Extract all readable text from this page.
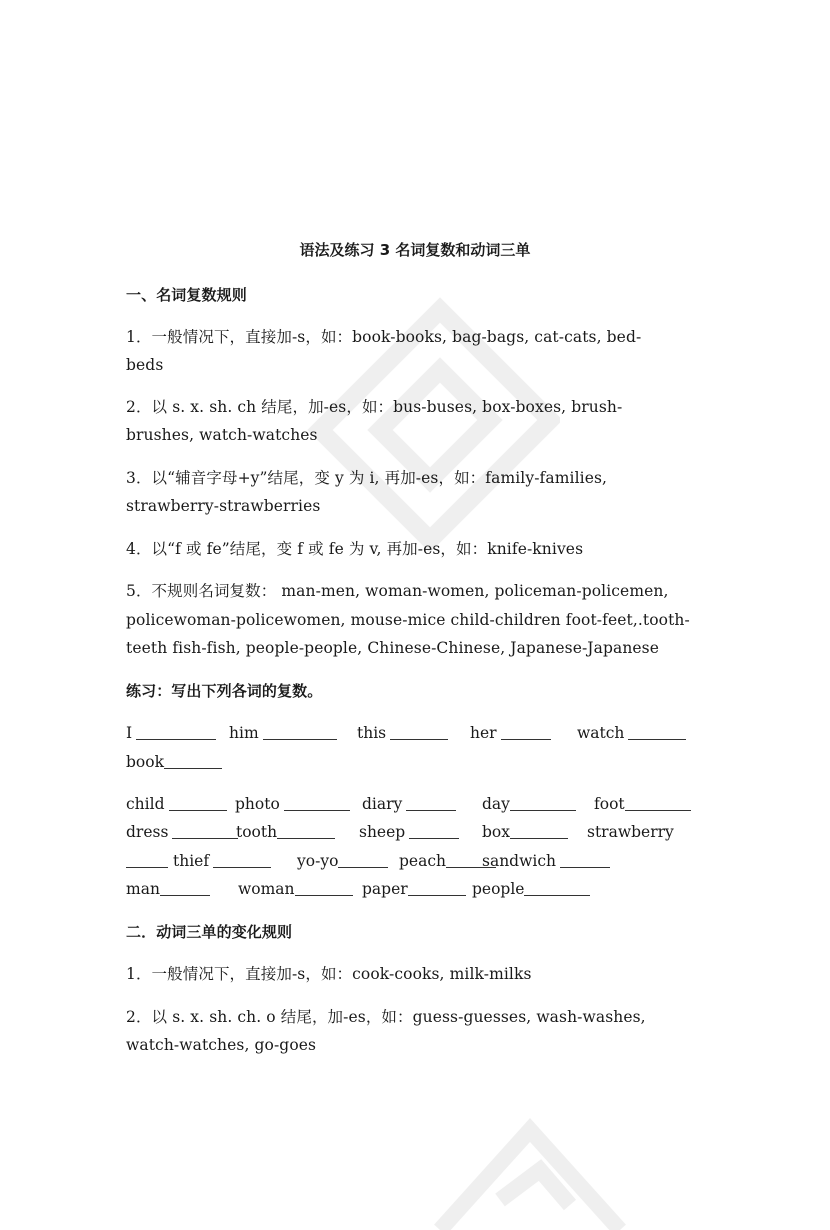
语法及练习 3 名词复数和动词三单
一、名词复数规则
1．一般情况下，直接加-s，如：book-books, bag-bags, cat-cats, bed-
beds
2．以 s. x. sh. ch 结尾，加-es，如：bus-buses, box-boxes, brush-
brushes, watch-watches
3．以“辅音字母+y”结尾，变 y 为 i, 再加-es，如：family-families,
strawberry-strawberries
4．以“f 或 fe”结尾，变 f 或 fe 为 v, 再加-es，如：knife-knives
5．不规则名词复数： man-men, woman-women, policeman-policemen,
policewoman-policewomen, mouse-mice child-children foot-feet,.tooth-
teeth fish-fish, people-people, Chinese-Chinese, Japanese-Japanese
练习：写出下列各词的复数。
I	him	this	her	watch
book
child	photo	diary	day	foot
dress	tooth	sheep	box	strawberry
thief	yo-yo	peach	sandwich
man	woman	paper	people
二．动词三单的变化规则
1．一般情况下，直接加-s，如：cook-cooks, milk-milks
2．以 s. x. sh. ch. o 结尾，加-es，如：guess-guesses, wash-washes,
watch-watches, go-goes
